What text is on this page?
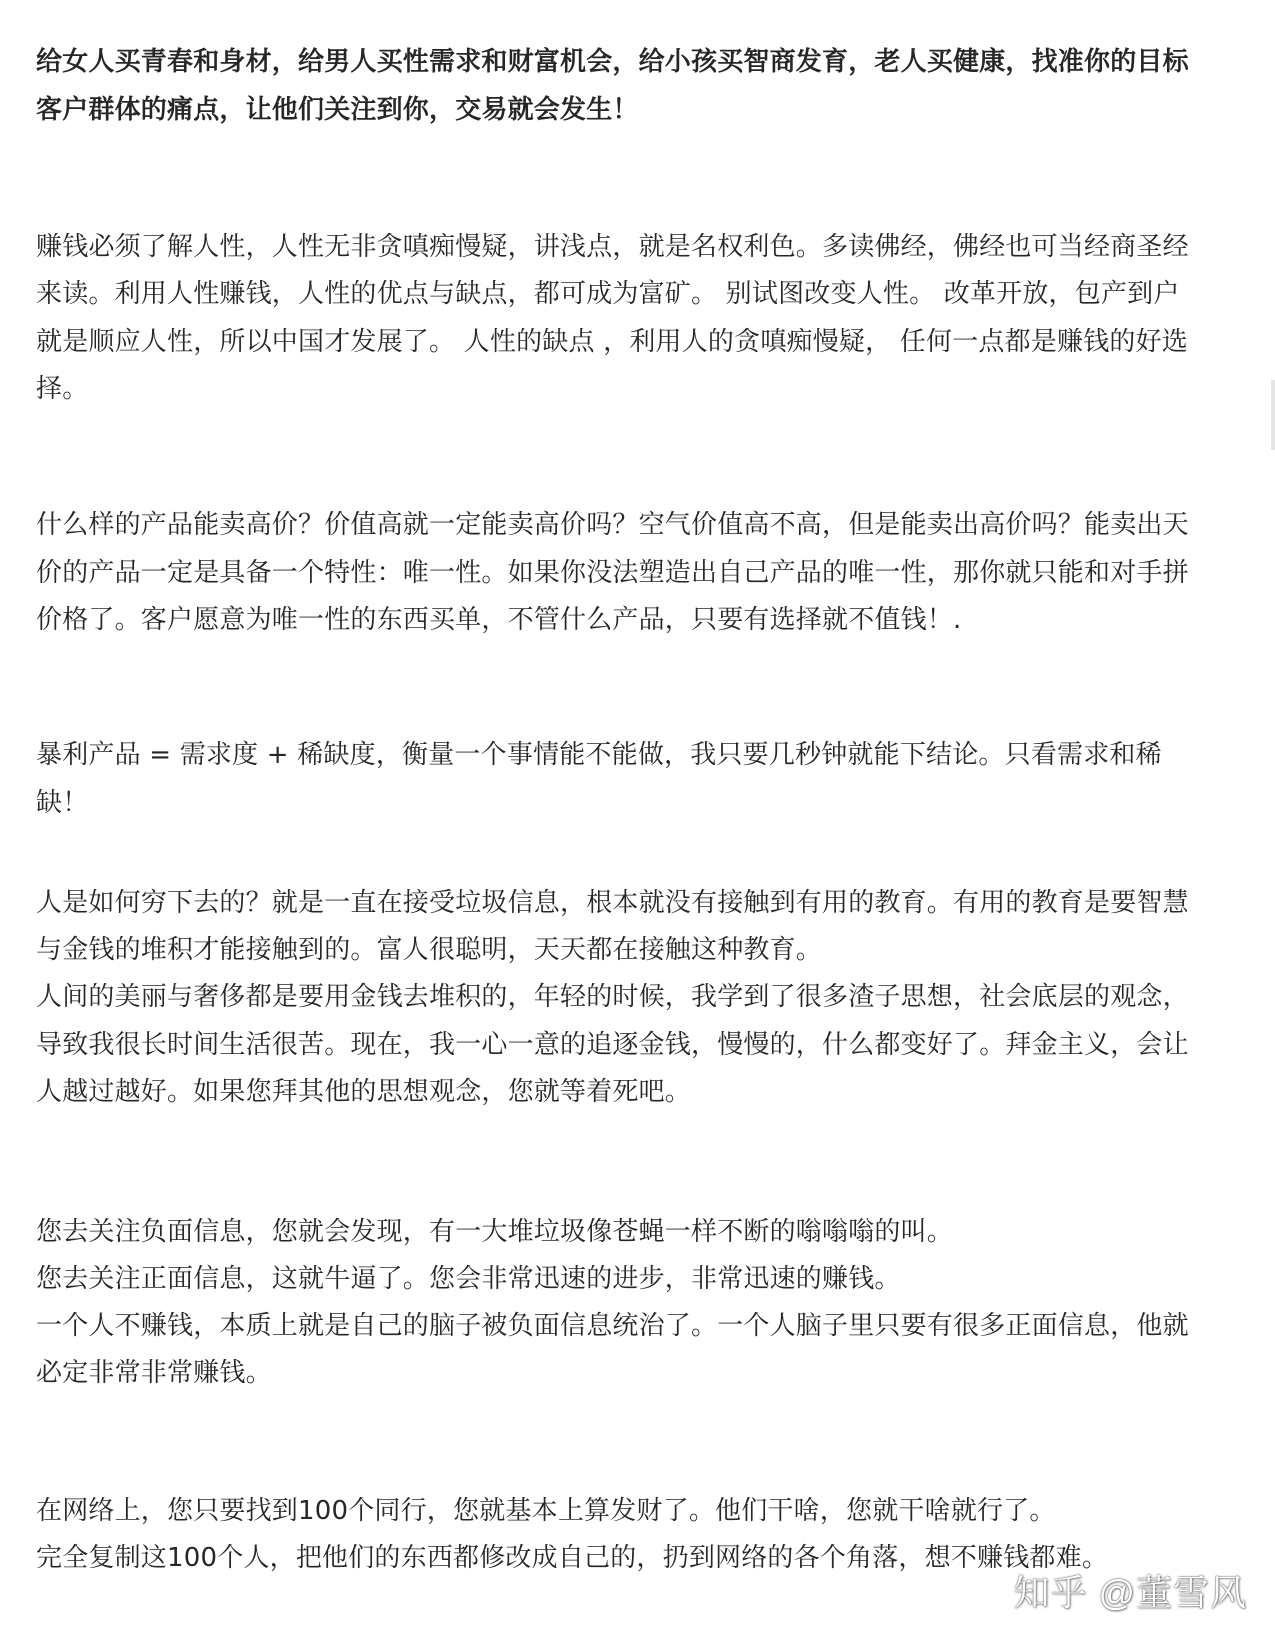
给女人买青春和身材，给男人买性需求和财富机会，给小孩买智商发育，老人买健康，找准你的目标

客户群体的痛点，让他们关注到你，交易就会发生！

赚钱必须了解人性，人性无非贪嗔痴慢疑，讲浅点，就是名权利色。多读佛经，佛经也可当经商圣经

来读。利用人性赚钱，人性的优点与缺点，都可成为富矿。 别试图改变人性。 改革开放，包产到户

就是顺应人性，所以中国才发展了。 人性的缺点 ，利用人的贪嗔痴慢疑， 任何一点都是赚钱的好选

择。

什么样的产品能卖高价？价值高就一定能卖高价吗？空气价值高不高，但是能卖出高价吗？能卖出天

价的产品一定是具备一个特性：唯一性。如果你没法塑造出自己产品的唯一性，那你就只能和对手拼

价格了。客户愿意为唯一性的东西买单，不管什么产品，只要有选择就不值钱！.

暴利产品 = 需求度 + 稀缺度，衡量一个事情能不能做，我只要几秒钟就能下结论。只看需求和稀

缺！

人是如何穷下去的？就是一直在接受垃圾信息，根本就没有接触到有用的教育。有用的教育是要智慧

与金钱的堆积才能接触到的。富人很聪明，天天都在接触这种教育。

人间的美丽与奢侈都是要用金钱去堆积的，年轻的时候，我学到了很多渣子思想，社会底层的观念，

导致我很长时间生活很苦。现在，我一心一意的追逐金钱，慢慢的，什么都变好了。拜金主义，会让

人越过越好。如果您拜其他的思想观念，您就等着死吧。

您去关注负面信息，您就会发现，有一大堆垃圾像苍蝇一样不断的嗡嗡嗡的叫。

您去关注正面信息，这就牛逼了。您会非常迅速的进步，非常迅速的赚钱。

一个人不赚钱，本质上就是自己的脑子被负面信息统治了。一个人脑子里只要有很多正面信息，他就

必定非常非常赚钱。

在网络上，您只要找到100个同行，您就基本上算发财了。他们干啥，您就干啥就行了。

完全复制这100个人，把他们的东西都修改成自己的，扔到网络的各个角落，想不赚钱都难。

知乎 @董雪风
